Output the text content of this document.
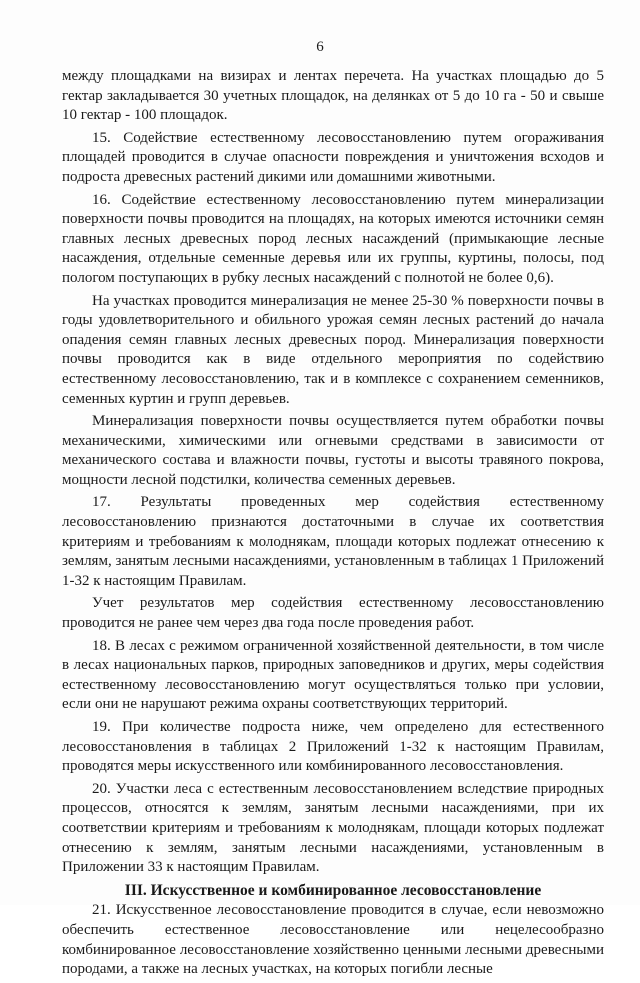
6

между площадками на визирах и лентах перечета. На участках площадью до 5 гектар закладывается 30 учетных площадок, на делянках от 5 до 10 га - 50 и свыше 10 гектар - 100 площадок.

15. Содействие естественному лесовосстановлению путем огораживания площадей проводится в случае опасности повреждения и уничтожения всходов и подроста древесных растений дикими или домашними животными.

16. Содействие естественному лесовосстановлению путем минерализации поверхности почвы проводится на площадях, на которых имеются источники семян главных лесных древесных пород лесных насаждений (примыкающие лесные насаждения, отдельные семенные деревья или их группы, куртины, полосы, под пологом поступающих в рубку лесных насаждений с полнотой не более 0,6).

На участках проводится минерализация не менее 25-30 % поверхности почвы в годы удовлетворительного и обильного урожая семян лесных растений до начала опадения семян главных лесных древесных пород. Минерализация поверхности почвы проводится как в виде отдельного мероприятия по содействию естественному лесовосстановлению, так и в комплексе с сохранением семенников, семенных куртин и групп деревьев.

Минерализация поверхности почвы осуществляется путем обработки почвы механическими, химическими или огневыми средствами в зависимости от механического состава и влажности почвы, густоты и высоты травяного покрова, мощности лесной подстилки, количества семенных деревьев.

17. Результаты проведенных мер содействия естественному лесовосстановлению признаются достаточными в случае их соответствия критериям и требованиям к молоднякам, площади которых подлежат отнесению к землям, занятым лесными насаждениями, установленным в таблицах 1 Приложений 1-32 к настоящим Правилам.

Учет результатов мер содействия естественному лесовосстановлению проводится не ранее чем через два года после проведения работ.

18. В лесах с режимом ограниченной хозяйственной деятельности, в том числе в лесах национальных парков, природных заповедников и других, меры содействия естественному лесовосстановлению могут осуществляться только при условии, если они не нарушают режима охраны соответствующих территорий.

19. При количестве подроста ниже, чем определено для естественного лесовосстановления в таблицах 2 Приложений 1-32 к настоящим Правилам, проводятся меры искусственного или комбинированного лесовосстановления.

20. Участки леса с естественным лесовосстановлением вследствие природных процессов, относятся к землям, занятым лесными насаждениями, при их соответствии критериям и требованиям к молоднякам, площади которых подлежат отнесению к землям, занятым лесными насаждениями, установленным в Приложении 33 к настоящим Правилам.

III. Искусственное и комбинированное лесовосстановление

21. Искусственное лесовосстановление проводится в случае, если невозможно обеспечить естественное лесовосстановление или нецелесообразно комбинированное лесовосстановление хозяйственно ценными лесными древесными породами, а также на лесных участках, на которых погибли лесные
